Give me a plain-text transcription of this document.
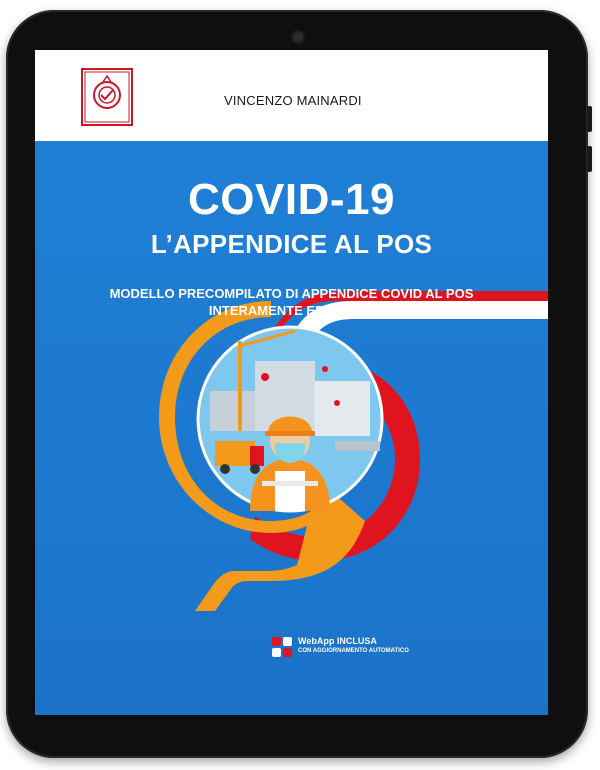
VINCENZO MAINARDI
COVID-19
L’APPENDICE AL POS
MODELLO PRECOMPILATO DI APPENDICE COVID AL POS
INTERAMENTE EDITABILE
WebApp INCLUSA
CON AGGIORNAMENTO AUTOMATICO
